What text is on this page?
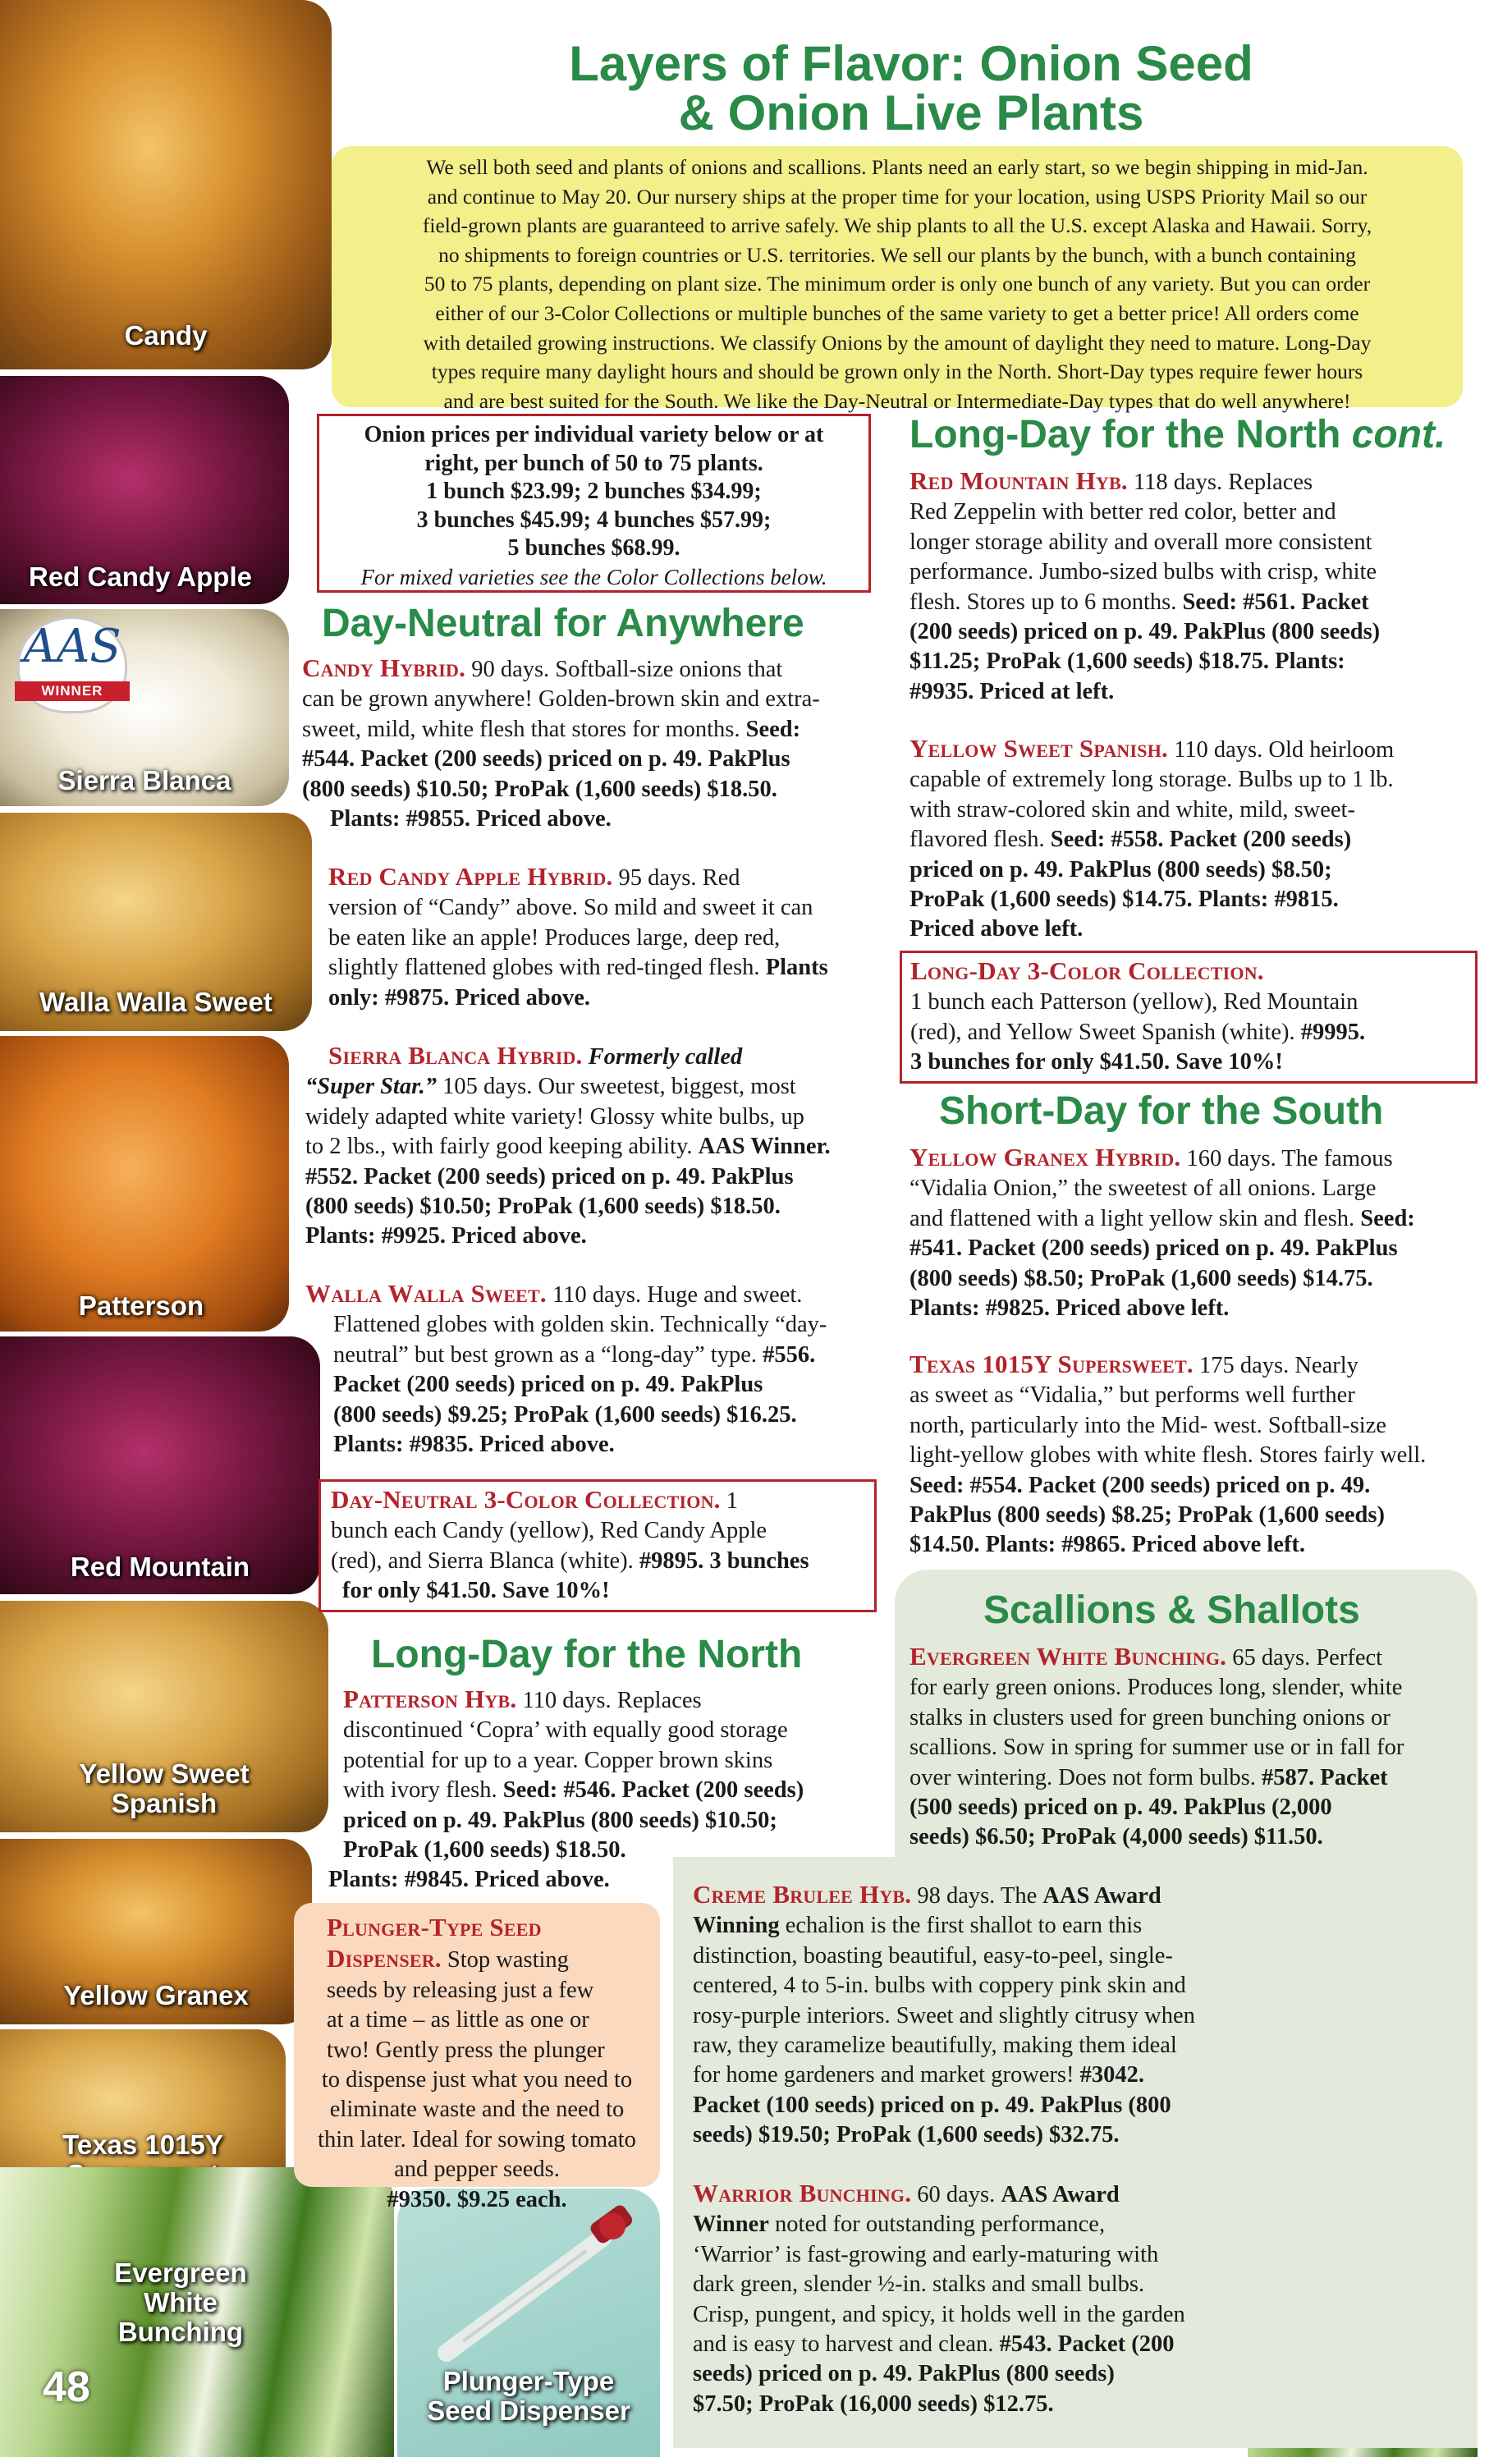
Candy
Red Candy Apple
AAS
WINNER
Sierra Blanca
Walla Walla Sweet
Patterson
Red Mountain
Yellow Sweet
Spanish
Yellow Granex
Texas 1015Y
Evergreen
White
Bunching
48	Plunger-Type
Seed Dispenser
Layers of Flavor: Onion Seed
& Onion Live Plants
We sell both seed and plants of onions and scallions. Plants need an early start, so we begin shipping in mid-Jan.
and continue to May 20. Our nursery ships at the proper time for your location, using USPS Priority Mail so our
field-grown plants are guaranteed to arrive safely. We ship plants to all the U.S. except Alaska and Hawaii. Sorry,
no shipments to foreign countries or U.S. territories. We sell our plants by the bunch, with a bunch containing
50 to 75 plants, depending on plant size. The minimum order is only one bunch of any variety. But you can order
either of our 3-Color Collections or multiple bunches of the same variety to get a better price! All orders come
with detailed growing instructions. We classify Onions by the amount of daylight they need to mature. Long-Day
types require many daylight hours and should be grown only in the North. Short-Day types require fewer hours
and are best suited for the South. We like the Day-Neutral or Intermediate-Day types that do well anywhere!
Onion prices per individual variety below or at
right, per bunch of 50 to 75 plants.
1 bunch $23.99; 2 bunches $34.99;
3 bunches $45.99; 4 bunches $57.99;
5 bunches $68.99.
For mixed varieties see the Color Collections below.
Day-Neutral for Anywhere

Candy Hybrid. 90 days. Softball-size onions that

can be grown anywhere! Golden-brown skin and extra-

sweet, mild, white flesh that stores for months. Seed:

#544. Packet (200 seeds) priced on p. 49. PakPlus

(800 seeds) $10.50; ProPak (1,600 seeds) $18.50.

Plants: #9855. Priced above.

Red Candy Apple Hybrid. 95 days. Red

version of “Candy” above. So mild and sweet it can

be eaten like an apple! Produces large, deep red,

slightly flattened globes with red-tinged flesh. Plants

only: #9875. Priced above.

Sierra Blanca Hybrid. Formerly called

“Super Star.” 105 days. Our sweetest, biggest, most

widely adapted white variety! Glossy white bulbs, up

to 2 lbs., with fairly good keeping ability. AAS Winner.

#552. Packet (200 seeds) priced on p. 49. PakPlus

(800 seeds) $10.50; ProPak (1,600 seeds) $18.50.

Plants: #9925. Priced above.

Walla Walla Sweet. 110 days. Huge and sweet.

Flattened globes with golden skin. Technically “day-

neutral” but best grown as a “long-day” type. #556.

Packet (200 seeds) priced on p. 49. PakPlus

(800 seeds) $9.25; ProPak (1,600 seeds) $16.25.

Plants: #9835. Priced above.

Day-Neutral 3-Color Collection. 1

bunch each Candy (yellow), Red Candy Apple

(red), and Sierra Blanca (white). #9895. 3 bunches

for only $41.50. Save 10%!

Long-Day for the North

Patterson Hyb. 110 days. Replaces

discontinued ‘Copra’ with equally good storage

potential for up to a year. Copper brown skins

with ivory flesh. Seed: #546. Packet (200 seeds)

priced on p. 49. PakPlus (800 seeds) $10.50;

ProPak (1,600 seeds) $18.50.

Plants: #9845. Priced above.

Plunger-Type Seed

Dispenser. Stop wasting

seeds by releasing just a few

at a time – as little as one or

two! Gently press the plunger

to dispense just what you need to

eliminate waste and the need to

thin later. Ideal for sowing tomato

and pepper seeds.

#9350. $9.25 each.

Long-Day for the North cont.

Red Mountain Hyb. 118 days. Replaces

Red Zeppelin with better red color, better and

longer storage ability and overall more consistent

performance. Jumbo-sized bulbs with crisp, white

flesh. Stores up to 6 months. Seed: #561. Packet

(200 seeds) priced on p. 49. PakPlus (800 seeds)

$11.25; ProPak (1,600 seeds) $18.75. Plants:

#9935. Priced at left.

Yellow Sweet Spanish. 110 days. Old heirloom

capable of extremely long storage. Bulbs up to 1 lb.

with straw-colored skin and white, mild, sweet-

flavored flesh. Seed: #558. Packet (200 seeds)

priced on p. 49. PakPlus (800 seeds) $8.50;

ProPak (1,600 seeds) $14.75. Plants: #9815.

Priced above left.

Long-Day 3-Color Collection.

1 bunch each Patterson (yellow), Red Mountain

(red), and Yellow Sweet Spanish (white). #9995.

3 bunches for only $41.50. Save 10%!

Short-Day for the South

Yellow Granex Hybrid. 160 days. The famous

“Vidalia Onion,” the sweetest of all onions. Large

and flattened with a light yellow skin and flesh. Seed:

#541. Packet (200 seeds) priced on p. 49. PakPlus

(800 seeds) $8.50; ProPak (1,600 seeds) $14.75.

Plants: #9825. Priced above left.

Texas 1015Y Supersweet. 175 days. Nearly

as sweet as “Vidalia,” but performs well further

north, particularly into the Mid- west. Softball-size

light-yellow globes with white flesh. Stores fairly well.

Seed: #554. Packet (200 seeds) priced on p. 49.

PakPlus (800 seeds) $8.25; ProPak (1,600 seeds)

$14.50. Plants: #9865. Priced above left.

Scallions & Shallots

Evergreen White Bunching. 65 days. Perfect

for early green onions. Produces long, slender, white

stalks in clusters used for green bunching onions or

scallions. Sow in spring for summer use or in fall for

over wintering. Does not form bulbs. #587. Packet

(500 seeds) priced on p. 49. PakPlus (2,000

seeds) $6.50; ProPak (4,000 seeds) $11.50.

Creme Brulee Hyb. 98 days. The AAS Award

Winning echalion is the first shallot to earn this

distinction, boasting beautiful, easy-to-peel, single-

centered, 4 to 5-in. bulbs with coppery pink skin and

rosy-purple interiors. Sweet and slightly citrusy when

raw, they caramelize beautifully, making them ideal

for home gardeners and market growers! #3042.

Packet (100 seeds) priced on p. 49. PakPlus (800

seeds) $19.50; ProPak (1,600 seeds) $32.75.

Warrior Bunching. 60 days. AAS Award

Winner noted for outstanding performance,

‘Warrior’ is fast-growing and early-maturing with

dark green, slender ½-in. stalks and small bulbs.

Crisp, pungent, and spicy, it holds well in the garden

and is easy to harvest and clean. #543. Packet (200

seeds) priced on p. 49. PakPlus (800 seeds)

$7.50; ProPak (16,000 seeds) $12.75.
